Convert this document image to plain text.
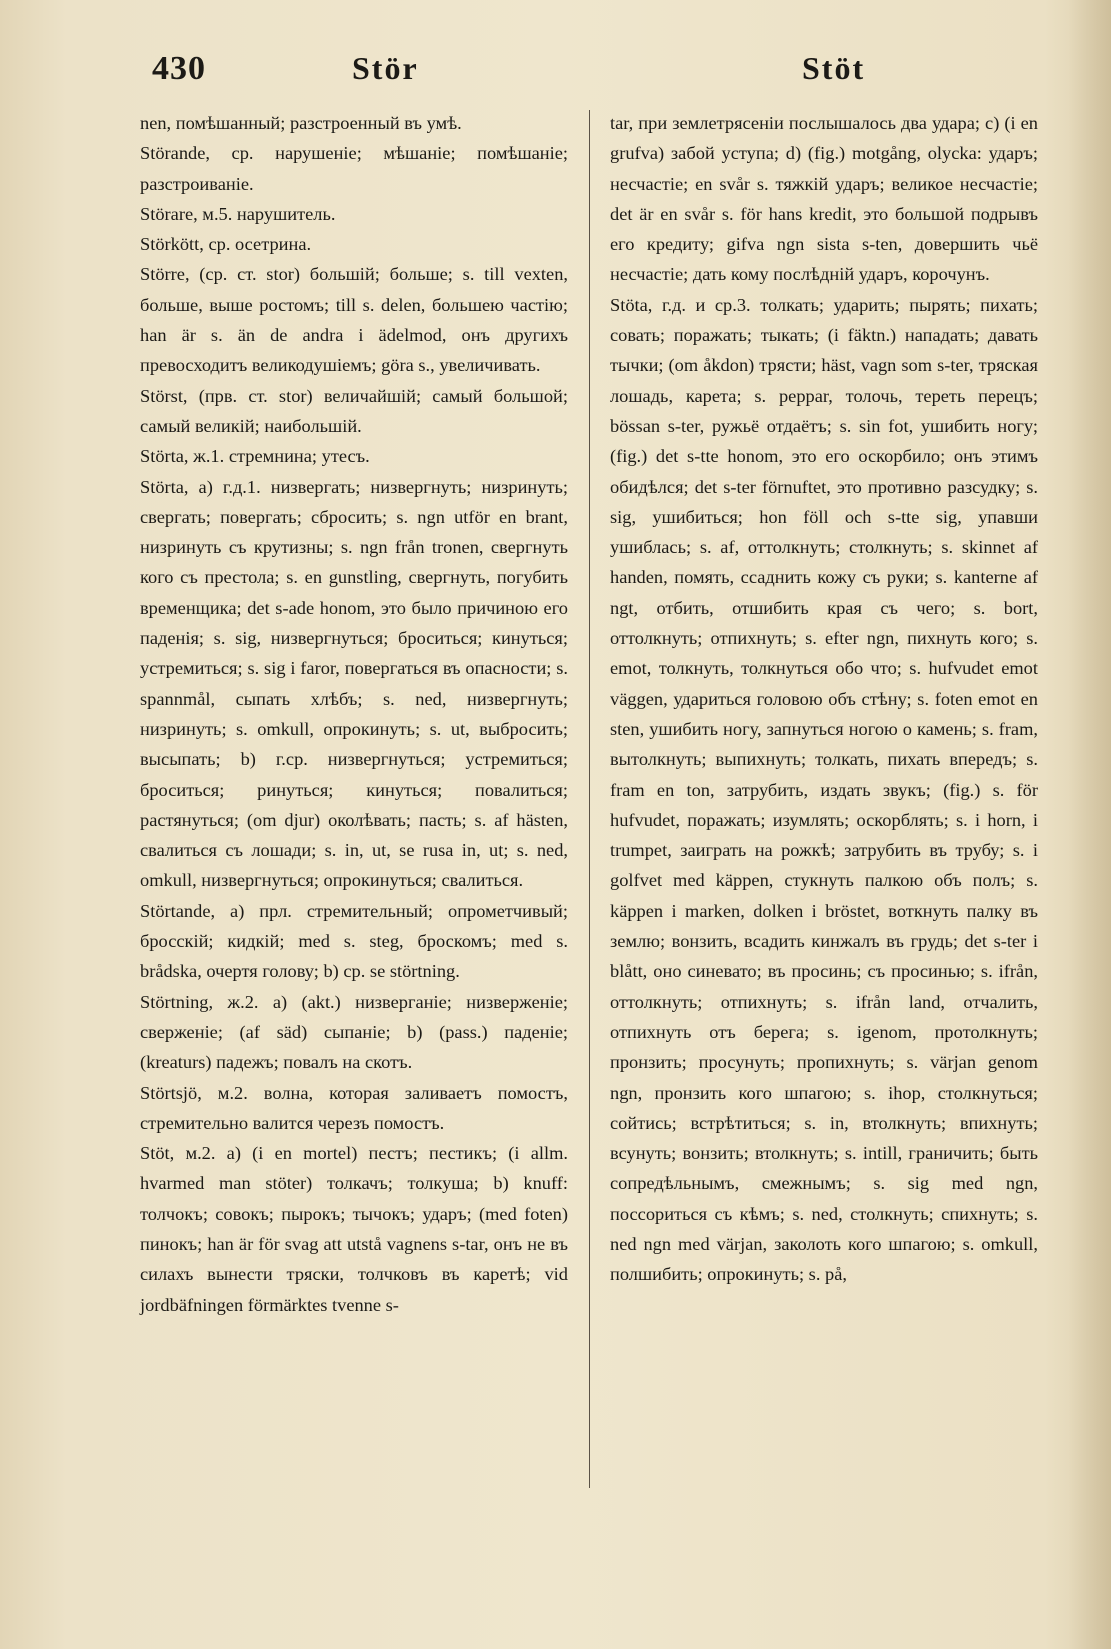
430	Stör	Stöt

nen, помѣшанный; разстроенный въ умѣ.

Störande, ср. нарушеніе; мѣшаніе; помѣшаніе; разстроиваніе.

Störare, м.5. нарушитель.

Störkött, ср. осетрина.

Större, (ср. ст. stor) большій; больше; s. till vexten, больше, выше ростомъ; till s. delen, большею частію; han är s. än de andra i ädelmod, онъ другихъ превосходитъ великодушіемъ; göra s., увеличивать.

Störst, (прв. ст. stor) величайшій; самый большой; самый великій; наибольшій.

Störta, ж.1. стремнина; утесъ.

Störta, a) г.д.1. низвергать; низвергнуть; низринуть; свергать; повергать; сбросить; s. ngn utför en brant, низринуть съ крутизны; s. ngn från tronen, свергнуть кого съ престола; s. en gunstling, свергнуть, погубить временщика; det s-ade honom, это было причиною его паденія; s. sig, низвергнуться; броситься; кинуться; устремиться; s. sig i faror, повергаться въ опасности; s. spannmål, сыпать хлѣбъ; s. ned, низвергнуть; низринуть; s. omkull, опрокинуть; s. ut, выбросить; высыпать; b) г.ср. низвергнуться; устремиться; броситься; ринуться; кинуться; повалиться; растянуться; (om djur) околѣвать; пасть; s. af hästen, свалиться съ лошади; s. in, ut, se rusa in, ut; s. ned, omkull, низвергнуться; опрокинуться; свалиться.

Störtande, a) прл. стремительный; опрометчивый; бросскій; кидкій; med s. steg, броскомъ; med s. brådska, очертя голову; b) ср. se störtning.

Störtning, ж.2. a) (akt.) низверганіе; низверженіе; сверженіе; (af säd) сыпаніе; b) (pass.) паденіе; (kreaturs) падежъ; повалъ на скотъ.

Störtsjö, м.2. волна, которая заливаетъ помостъ, стремительно валится черезъ помостъ.

Stöt, м.2. a) (i en mortel) пестъ; пестикъ; (i allm. hvarmed man stöter) толкачъ; толкуша; b) knuff: толчокъ; совокъ; пырокъ; тычокъ; ударъ; (med foten) пинокъ; han är för svag att utstå vagnens s-tar, онъ не въ силахъ вынести тряски, толчковъ въ каретѣ; vid jordbäfningen förmärktes tvenne s-

tar, при землетрясеніи послышалось два удара; c) (i en grufva) забой уступа; d) (fig.) motgång, olycka: ударъ; несчастіе; en svår s. тяжкій ударъ; великое несчастіе; det är en svår s. för hans kredit, это большой подрывъ его кредиту; gifva ngn sista s-ten, довершить чьё несчастіе; дать кому послѣдній ударъ, корочунъ.

Stöta, г.д. и ср.3. толкать; ударить; пырять; пихать; совать; поражать; тыкать; (i fäktn.) нападать; давать тычки; (om åkdon) трясти; häst, vagn som s-ter, тряская лошадь, карета; s. peppar, толочь, тереть перецъ; bössan s-ter, ружьё отдаётъ; s. sin fot, ушибить ногу; (fig.) det s-tte honom, это его оскорбило; онъ этимъ обидѣлся; det s-ter förnuftet, это противно разсудку; s. sig, ушибиться; hon föll och s-tte sig, упавши ушиблась; s. af, оттолкнуть; столкнуть; s. skinnet af handen, помять, ссаднить кожу съ руки; s. kanterne af ngt, отбить, отшибить края съ чего; s. bort, оттолкнуть; отпихнуть; s. efter ngn, пихнуть кого; s. emot, толкнуть, толкнуться обо что; s. hufvudet emot väggen, удариться головою объ стѣну; s. foten emot en sten, ушибить ногу, запнуться ногою о камень; s. fram, вытолкнуть; выпихнуть; толкать, пихать впередъ; s. fram en ton, затрубить, издать звукъ; (fig.) s. för hufvudet, поражать; изумлять; оскорблять; s. i horn, i trumpet, заиграть на рожкѣ; затрубить въ трубу; s. i golfvet med käppen, стукнуть палкою объ полъ; s. käppen i marken, dolken i bröstet, воткнуть палку въ землю; вонзить, всадить кинжалъ въ грудь; det s-ter i blått, оно синевато; въ просинь; съ просинью; s. ifrån, оттолкнуть; отпихнуть; s. ifrån land, отчалить, отпихнуть отъ берега; s. igenom, протолкнуть; пронзить; просунуть; пропихнуть; s. värjan genom ngn, пронзить кого шпагою; s. ihop, столкнуться; сойтись; встрѣтиться; s. in, втолкнуть; впихнуть; всунуть; вонзить; втолкнуть; s. intill, граничить; быть сопредѣльнымъ, смежнымъ; s. sig med ngn, поссориться съ кѣмъ; s. ned, столкнуть; спихнуть; s. ned ngn med värjan, заколоть кого шпагою; s. omkull, полшибить; опрокинуть; s. på,
